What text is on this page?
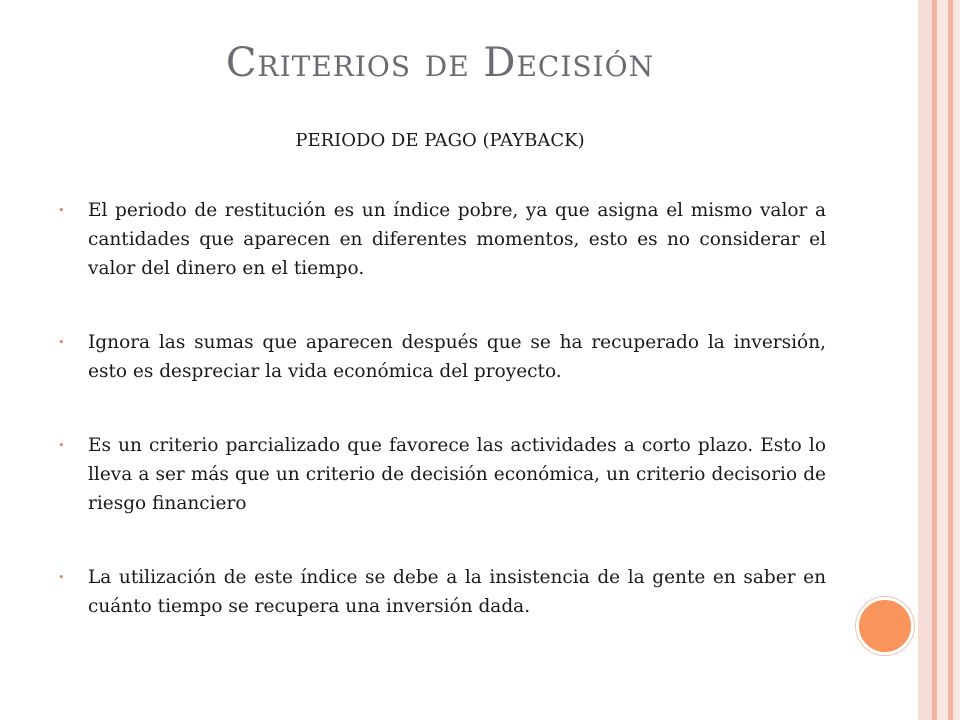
Criterios de Decisión

PERIODO DE PAGO (PAYBACK)

•	El periodo de restitución es un índice pobre, ya que asigna el mismo valor a cantidades que aparecen en diferentes momentos, esto es no considerar el valor del dinero en el tiempo.
•	Ignora las sumas que aparecen después que se ha recuperado la inversión, esto es despreciar la vida económica del proyecto.
•	Es un criterio parcializado que favorece las actividades a corto plazo. Esto lo lleva a ser más que un criterio de decisión económica, un criterio decisorio de riesgo financiero
•	La utilización de este índice se debe a la insistencia de la gente en saber en cuánto tiempo se recupera una inversión dada.
